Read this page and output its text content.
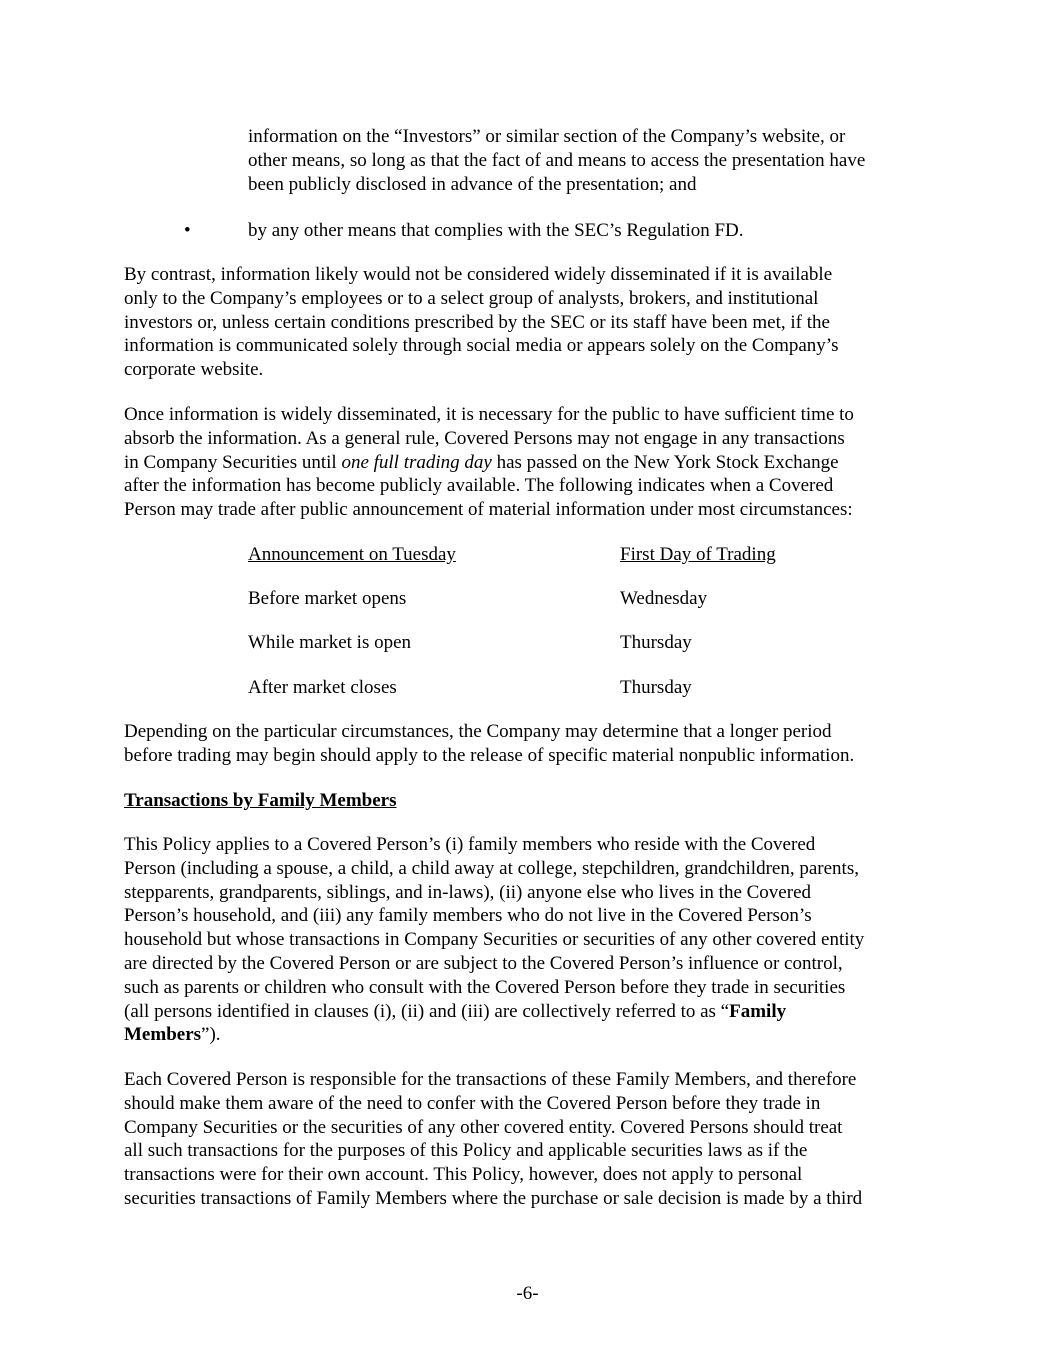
information on the “Investors” or similar section of the Company’s website, or
other means, so long as that the fact of and means to access the presentation have
been publicly disclosed in advance of the presentation; and
•	by any other means that complies with the SEC’s Regulation FD.
By contrast, information likely would not be considered widely disseminated if it is available
only to the Company’s employees or to a select group of analysts, brokers, and institutional
investors or, unless certain conditions prescribed by the SEC or its staff have been met, if the
information is communicated solely through social media or appears solely on the Company’s
corporate website.
Once information is widely disseminated, it is necessary for the public to have sufficient time to
absorb the information. As a general rule, Covered Persons may not engage in any transactions
in Company Securities until one full trading day has passed on the New York Stock Exchange
after the information has become publicly available. The following indicates when a Covered
Person may trade after public announcement of material information under most circumstances:
Announcement on Tuesday	First Day of Trading
Before market opens	Wednesday
While market is open	Thursday
After market closes	Thursday
Depending on the particular circumstances, the Company may determine that a longer period
before trading may begin should apply to the release of specific material nonpublic information.
Transactions by Family Members
This Policy applies to a Covered Person’s (i) family members who reside with the Covered
Person (including a spouse, a child, a child away at college, stepchildren, grandchildren, parents,
stepparents, grandparents, siblings, and in-laws), (ii) anyone else who lives in the Covered
Person’s household, and (iii) any family members who do not live in the Covered Person’s
household but whose transactions in Company Securities or securities of any other covered entity
are directed by the Covered Person or are subject to the Covered Person’s influence or control,
such as parents or children who consult with the Covered Person before they trade in securities
(all persons identified in clauses (i), (ii) and (iii) are collectively referred to as “Family
Members”).
Each Covered Person is responsible for the transactions of these Family Members, and therefore
should make them aware of the need to confer with the Covered Person before they trade in
Company Securities or the securities of any other covered entity. Covered Persons should treat
all such transactions for the purposes of this Policy and applicable securities laws as if the
transactions were for their own account. This Policy, however, does not apply to personal
securities transactions of Family Members where the purchase or sale decision is made by a third
-6-
